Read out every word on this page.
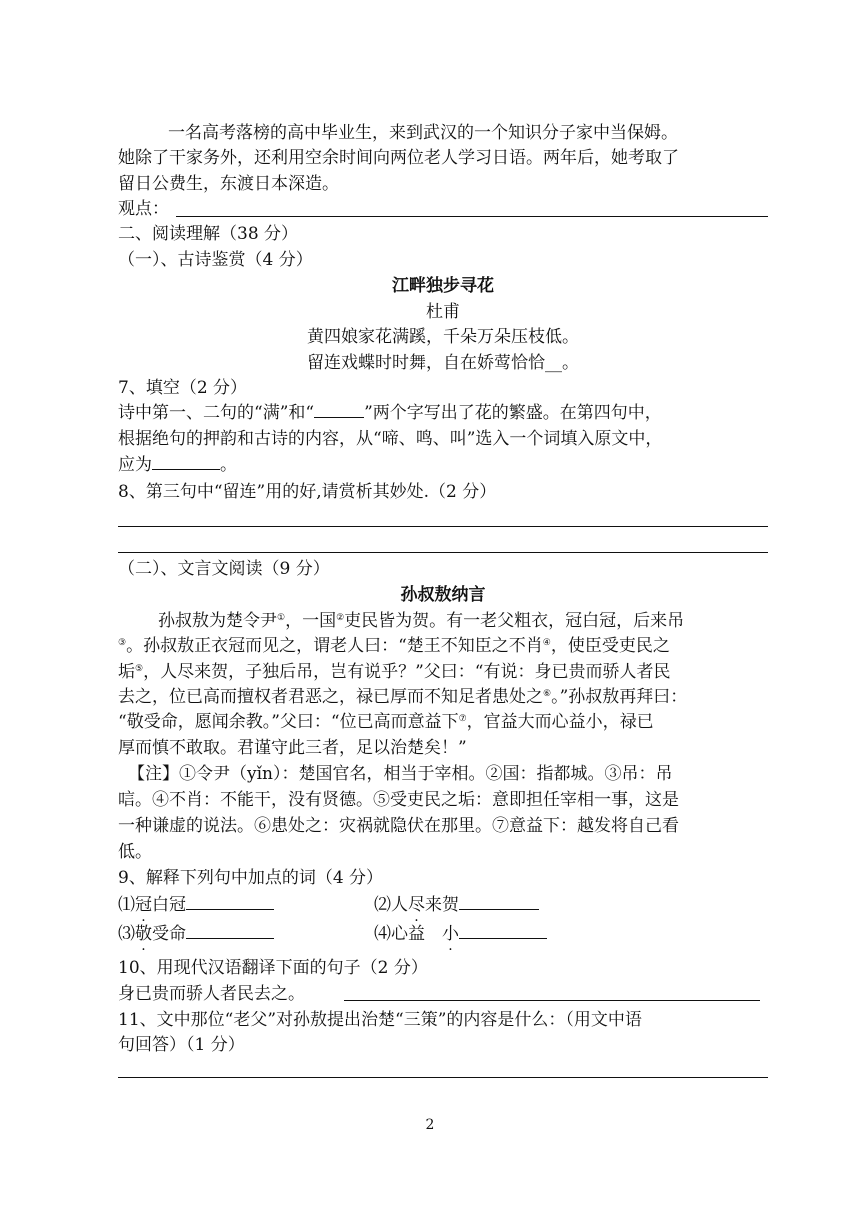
一名高考落榜的高中毕业生，来到武汉的一个知识分子家中当保姆。
她除了干家务外，还利用空余时间向两位老人学习日语。两年后，她考取了
留日公费生，东渡日本深造。
观点：
二、阅读理解（38 分）
（一）、古诗鉴赏（4 分）
江畔独步寻花
杜甫
黄四娘家花满蹊，千朵万朵压枝低。
留连戏蝶时时舞，自在娇莺恰恰__。
7、填空（2 分）
诗中第一、二句的“满”和“	”两个字写出了花的繁盛。在第四句中，
根据绝句的押韵和古诗的内容，从“啼、鸣、叫”选入一个词填入原文中，
应为	。
8、第三句中“留连”用的好,请赏析其妙处.（2 分）
（二）、文言文阅读（9 分）
孙叔敖纳言
孙叔敖为楚令尹①，一国②吏民皆为贺。有一老父粗衣，冠白冠，后来吊
③。孙叔敖正衣冠而见之，谓老人曰：“楚王不知臣之不肖④，使臣受吏民之
垢⑤，人尽来贺，子独后吊，岂有说乎？”父曰：“有说：身已贵而骄人者民
去之，位已高而擅权者君恶之，禄已厚而不知足者患处之⑥。”孙叔敖再拜曰：
“敬受命，愿闻余教。”父曰：“位已高而意益下⑦，官益大而心益小，禄已
厚而慎不敢取。君谨守此三者，足以治楚矣！”
【注】①令尹（yǐn）：楚国官名，相当于宰相。②国：指都城。③吊：吊
唁。④不肖：不能干，没有贤德。⑤受吏民之垢：意即担任宰相一事，这是
一种谦虚的说法。⑥患处之：灾祸就隐伏在那里。⑦意益下：越发将自己看
低。
9、解释下列句中加点的词（4 分）
⑴冠白冠	⑵人尽来贺
⑶敬受命	⑷心益　小
10、用现代汉语翻译下面的句子（2 分）
身已贵而骄人者民去之。
11、文中那位“老父”对孙敖提出治楚“三策”的内容是什么：（用文中语
句回答）（1 分）
2
